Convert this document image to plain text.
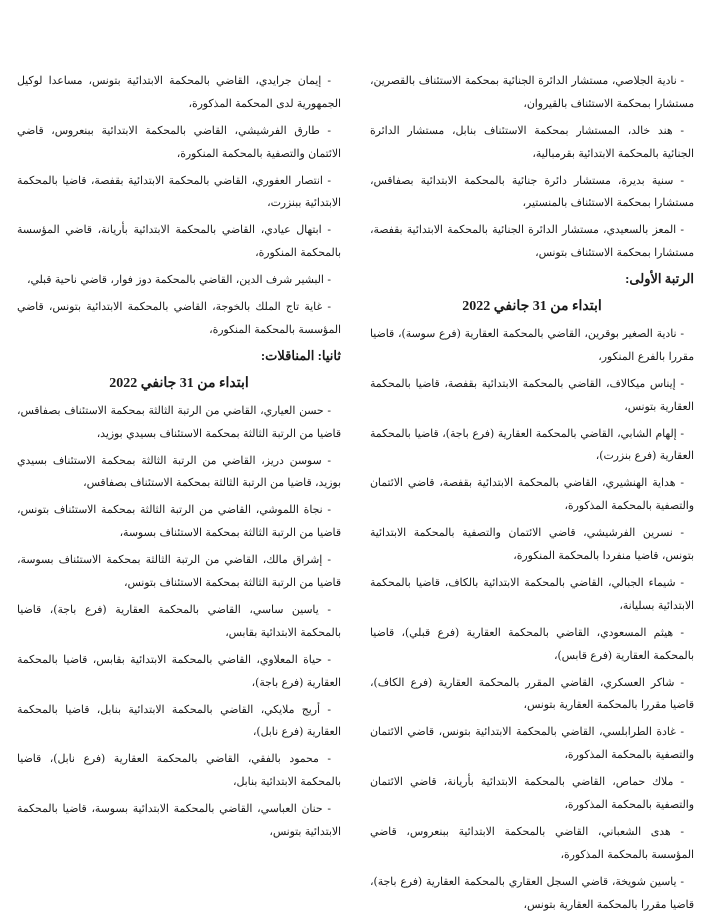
- نادية الجلاصي، مستشار الدائرة الجنائية بمحكمة الاستئناف بالقصرين، مستشارا بمحكمة الاستئناف بالقيروان،

- هند خالد، المستشار بمحكمة الاستئناف بنابل، مستشار الدائرة الجنائية بالمحكمة الابتدائية بقرمبالية،

- سنية بديرة، مستشار دائرة جنائية بالمحكمة الابتدائية بصفاقس، مستشارا بمحكمة الاستئناف بالمنستير،

- المعز بالسعيدي، مستشار الدائرة الجنائية بالمحكمة الابتدائية بقفصة، مستشارا بمحكمة الاستئناف بتونس،

الرتبة الأولى:
ابتداء من 31 جانفي 2022

- نادية الصغير بوقرين، القاضي بالمحكمة العقارية (فرع سوسة)، قاضيا مقررا بالفرع المنكور،

- إيناس ميكالاف، القاضي بالمحكمة الابتدائية بقفصة، قاضيا بالمحكمة العقارية بتونس،

- إلهام الشابي، القاضي بالمحكمة العقارية (فرع باجة)، قاضيا بالمحكمة العقارية (فرع بنزرت)،

- هداية الهنشيري، القاضي بالمحكمة الابتدائية بقفصة، قاضي الائتمان والتصفية بالمحكمة المذكورة،

- نسرين الفرشيشي، قاضي الائتمان والتصفية بالمحكمة الابتدائية بتونس، قاضيا منفردا بالمحكمة المنكورة،

- شيماء الجبالي، القاضي بالمحكمة الابتدائية بالكاف، قاضيا بالمحكمة الابتدائية بسليانة،

- هيثم المسعودي، القاضي بالمحكمة العقارية (فرع قبلي)، قاضيا بالمحكمة العقارية (فرع قابس)،

- شاكر العسكري، القاضي المقرر بالمحكمة العقارية (فرع الكاف)، قاضيا مقررا بالمحكمة العقارية بتونس،

- غادة الطرابلسي، القاضي بالمحكمة الابتدائية بتونس، قاضي الائتمان والتصفية بالمحكمة المذكورة،

- ملاك حماص، القاضي بالمحكمة الابتدائية بأريانة، قاضي الائتمان والتصفية بالمحكمة المذكورة،

- هدى الشعباني، القاضي بالمحكمة الابتدائية ببنعروس، قاضي المؤسسة بالمحكمة المذكورة،

- ياسين شويخة، قاضي السجل العقاري بالمحكمة العقارية (فرع باجة)، قاضيا مقررا بالمحكمة العقارية بتونس،

- إيمان جرايدي، القاضي بالمحكمة الابتدائية بتونس، مساعدا لوكيل الجمهورية لدى المحكمة المذكورة،

- طارق الفرشيشي، القاضي بالمحكمة الابتدائية ببنعروس، قاضي الائتمان والتصفية بالمحكمة المنكورة،

- انتصار العفوري، القاضي بالمحكمة الابتدائية بقفصة، قاضيا بالمحكمة الابتدائية ببنزرت،

- ابتهال عيادي، القاضي بالمحكمة الابتدائية بأريانة، قاضي المؤسسة بالمحكمة المنكورة،

- البشير شرف الدين، القاضي بالمحكمة دوز فوار، قاضي ناحية قبلي،

- غاية تاج الملك بالخوجة، القاضي بالمحكمة الابتدائية بتونس، قاضي المؤسسة بالمحكمة المنكورة،

ثانيا: المناقلات:
ابتداء من 31 جانفي 2022

- حسن العياري، القاضي من الرتبة الثالثة بمحكمة الاستئناف بصفاقس، قاضيا من الرتبة الثالثة بمحكمة الاستئناف بسيدي بوزيد،

- سوسن دريز، القاضي من الرتبة الثالثة بمحكمة الاستئناف بسيدي بوزيد، قاضيا من الرتبة الثالثة بمحكمة الاستئناف بصفاقس،

- نجاة اللموشي، القاضي من الرتبة الثالثة بمحكمة الاستئناف بتونس، قاضيا من الرتبة الثالثة بمحكمة الاستئناف بسوسة،

- إشراق مالك، القاضي من الرتبة الثالثة بمحكمة الاستئناف بسوسة، قاضيا من الرتبة الثالثة بمحكمة الاستئناف بتونس،

- ياسين ساسي، القاضي بالمحكمة العقارية (فرع باجة)، قاضيا بالمحكمة الابتدائية بقابس،

- حياة المعلاوي، القاضي بالمحكمة الابتدائية بقابس، قاضيا بالمحكمة العقارية (فرع باجة)،

- أريج ملايكي، القاضي بالمحكمة الابتدائية بنابل، قاضيا بالمحكمة العقارية (فرع نابل)،

- محمود بالفقي، القاضي بالمحكمة العقارية (فرع نابل)، قاضيا بالمحكمة الابتدائية بنابل،

- حنان العباسي، القاضي بالمحكمة الابتدائية بسوسة، قاضيا بالمحكمة الابتدائية بتونس،
